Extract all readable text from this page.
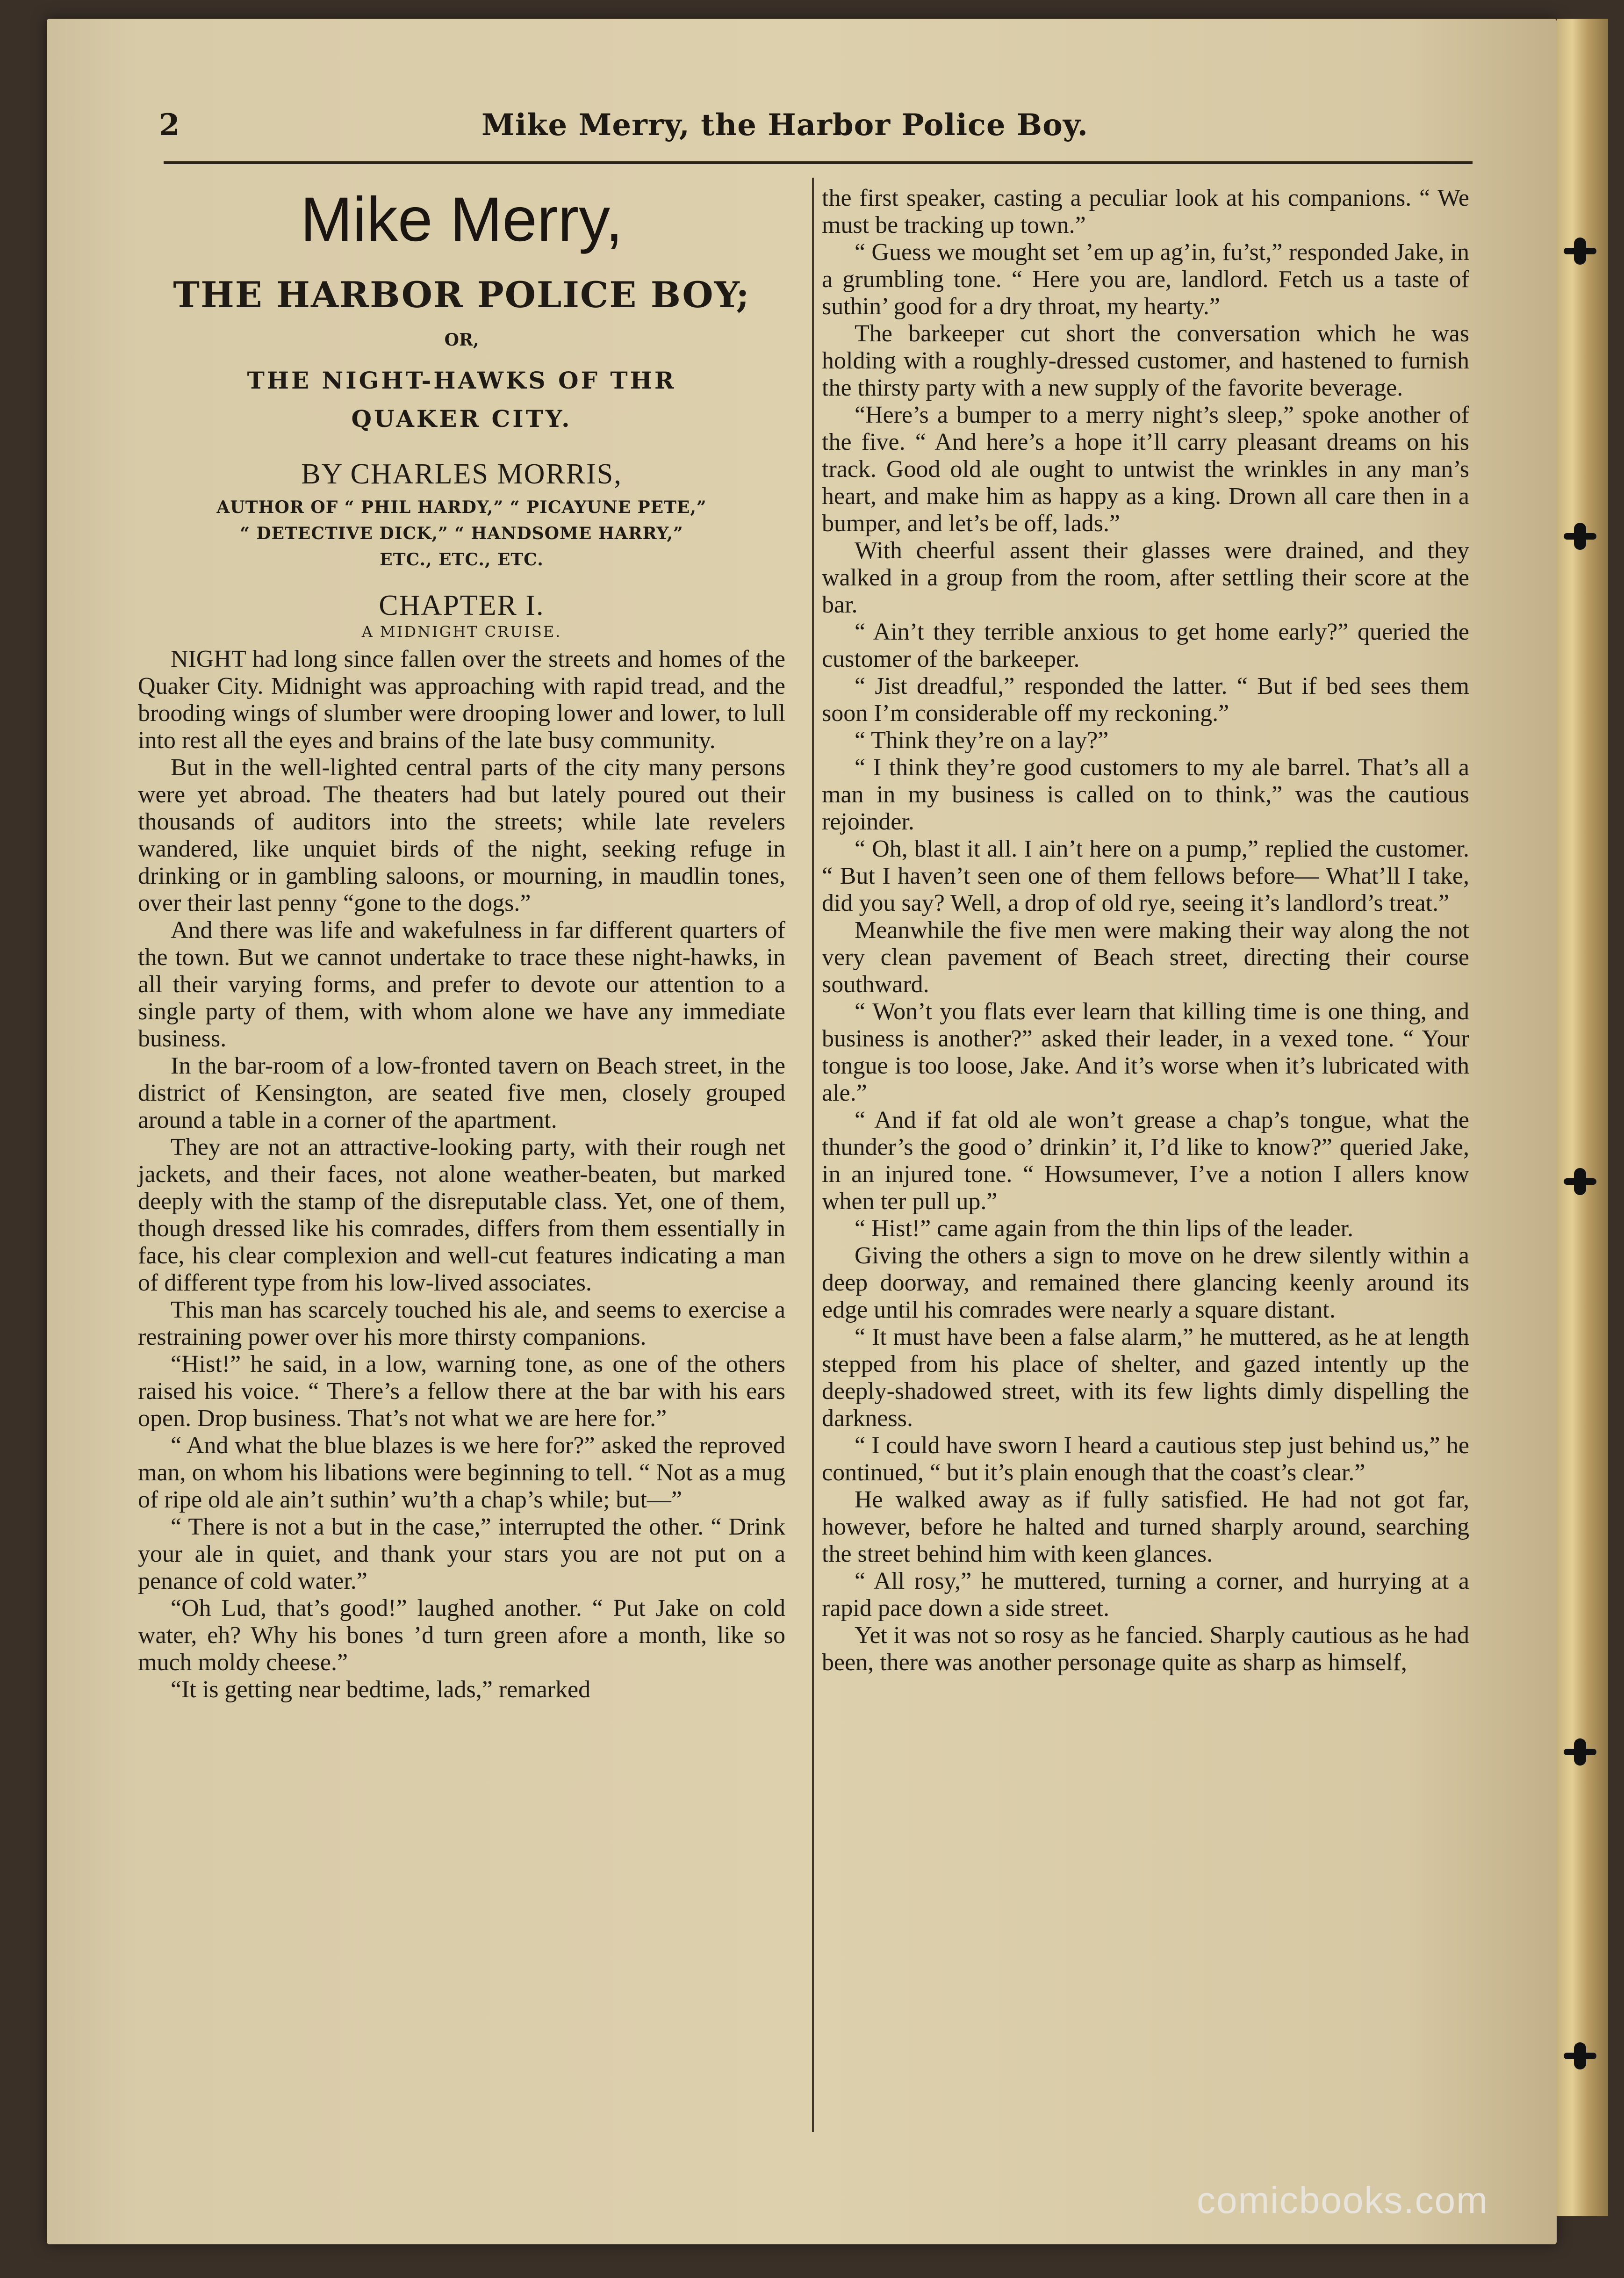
2	Mike Merry, the Harbor Police Boy.
Mike Merry,
THE HARBOR POLICE BOY;
OR,
THE NIGHT-HAWKS OF THR
QUAKER CITY.
BY CHARLES MORRIS,
AUTHOR OF “ PHIL HARDY,” “ PICAYUNE PETE,”
“ DETECTIVE DICK,” “ HANDSOME HARRY,”
ETC., ETC., ETC.
CHAPTER I.
A MIDNIGHT CRUISE.

NIGHT had long since fallen over the streets and homes of the Quaker City. Midnight was approaching with rapid tread, and the brooding wings of slumber were drooping lower and lower, to lull into rest all the eyes and brains of the late busy community.

But in the well-lighted central parts of the city many persons were yet abroad. The theaters had but lately poured out their thousands of auditors into the streets; while late revelers wandered, like unquiet birds of the night, seeking refuge in drinking or in gambling saloons, or mourning, in maudlin tones, over their last penny “gone to the dogs.”

And there was life and wakefulness in far different quarters of the town. But we cannot undertake to trace these night-hawks, in all their varying forms, and prefer to devote our attention to a single party of them, with whom alone we have any immediate business.

In the bar-room of a low-fronted tavern on Beach street, in the district of Kensington, are seated five men, closely grouped around a table in a corner of the apartment.

They are not an attractive-looking party, with their rough net jackets, and their faces, not alone weather-beaten, but marked deeply with the stamp of the disreputable class. Yet, one of them, though dressed like his comrades, differs from them essentially in face, his clear complexion and well-cut features indicating a man of different type from his low-lived associates.

This man has scarcely touched his ale, and seems to exercise a restraining power over his more thirsty companions.

“Hist!” he said, in a low, warning tone, as one of the others raised his voice. “ There’s a fellow there at the bar with his ears open. Drop business. That’s not what we are here for.”

“ And what the blue blazes is we here for?” asked the reproved man, on whom his libations were beginning to tell. “ Not as a mug of ripe old ale ain’t suthin’ wu’th a chap’s while; but—”

“ There is not a but in the case,” interrupted the other. “ Drink your ale in quiet, and thank your stars you are not put on a penance of cold water.”

“Oh Lud, that’s good!” laughed another. “ Put Jake on cold water, eh? Why his bones ’d turn green afore a month, like so much moldy cheese.”

“It is getting near bedtime, lads,” remarked

the first speaker, casting a peculiar look at his companions. “ We must be tracking up town.”

“ Guess we mought set ’em up ag’in, fu’st,” responded Jake, in a grumbling tone. “ Here you are, landlord. Fetch us a taste of suthin’ good for a dry throat, my hearty.”

The barkeeper cut short the conversation which he was holding with a roughly-dressed customer, and hastened to furnish the thirsty party with a new supply of the favorite beverage.

“Here’s a bumper to a merry night’s sleep,” spoke another of the five. “ And here’s a hope it’ll carry pleasant dreams on his track. Good old ale ought to untwist the wrinkles in any man’s heart, and make him as happy as a king. Drown all care then in a bumper, and let’s be off, lads.”

With cheerful assent their glasses were drained, and they walked in a group from the room, after settling their score at the bar.

“ Ain’t they terrible anxious to get home early?” queried the customer of the barkeeper.

“ Jist dreadful,” responded the latter. “ But if bed sees them soon I’m considerable off my reckoning.”

“ Think they’re on a lay?”

“ I think they’re good customers to my ale barrel. That’s all a man in my business is called on to think,” was the cautious rejoinder.

“ Oh, blast it all. I ain’t here on a pump,” replied the customer. “ But I haven’t seen one of them fellows before— What’ll I take, did you say? Well, a drop of old rye, seeing it’s landlord’s treat.”

Meanwhile the five men were making their way along the not very clean pavement of Beach street, directing their course southward.

“ Won’t you flats ever learn that killing time is one thing, and business is another?” asked their leader, in a vexed tone. “ Your tongue is too loose, Jake. And it’s worse when it’s lubricated with ale.”

“ And if fat old ale won’t grease a chap’s tongue, what the thunder’s the good o’ drinkin’ it, I’d like to know?” queried Jake, in an injured tone. “ Howsumever, I’ve a notion I allers know when ter pull up.”

“ Hist!” came again from the thin lips of the leader.

Giving the others a sign to move on he drew silently within a deep doorway, and remained there glancing keenly around its edge until his comrades were nearly a square distant.

“ It must have been a false alarm,” he muttered, as he at length stepped from his place of shelter, and gazed intently up the deeply-shadowed street, with its few lights dimly dispelling the darkness.

“ I could have sworn I heard a cautious step just behind us,” he continued, “ but it’s plain enough that the coast’s clear.”

He walked away as if fully satisfied. He had not got far, however, before he halted and turned sharply around, searching the street behind him with keen glances.

“ All rosy,” he muttered, turning a corner, and hurrying at a rapid pace down a side street.

Yet it was not so rosy as he fancied. Sharply cautious as he had been, there was another personage quite as sharp as himself,

comicbooks.com
